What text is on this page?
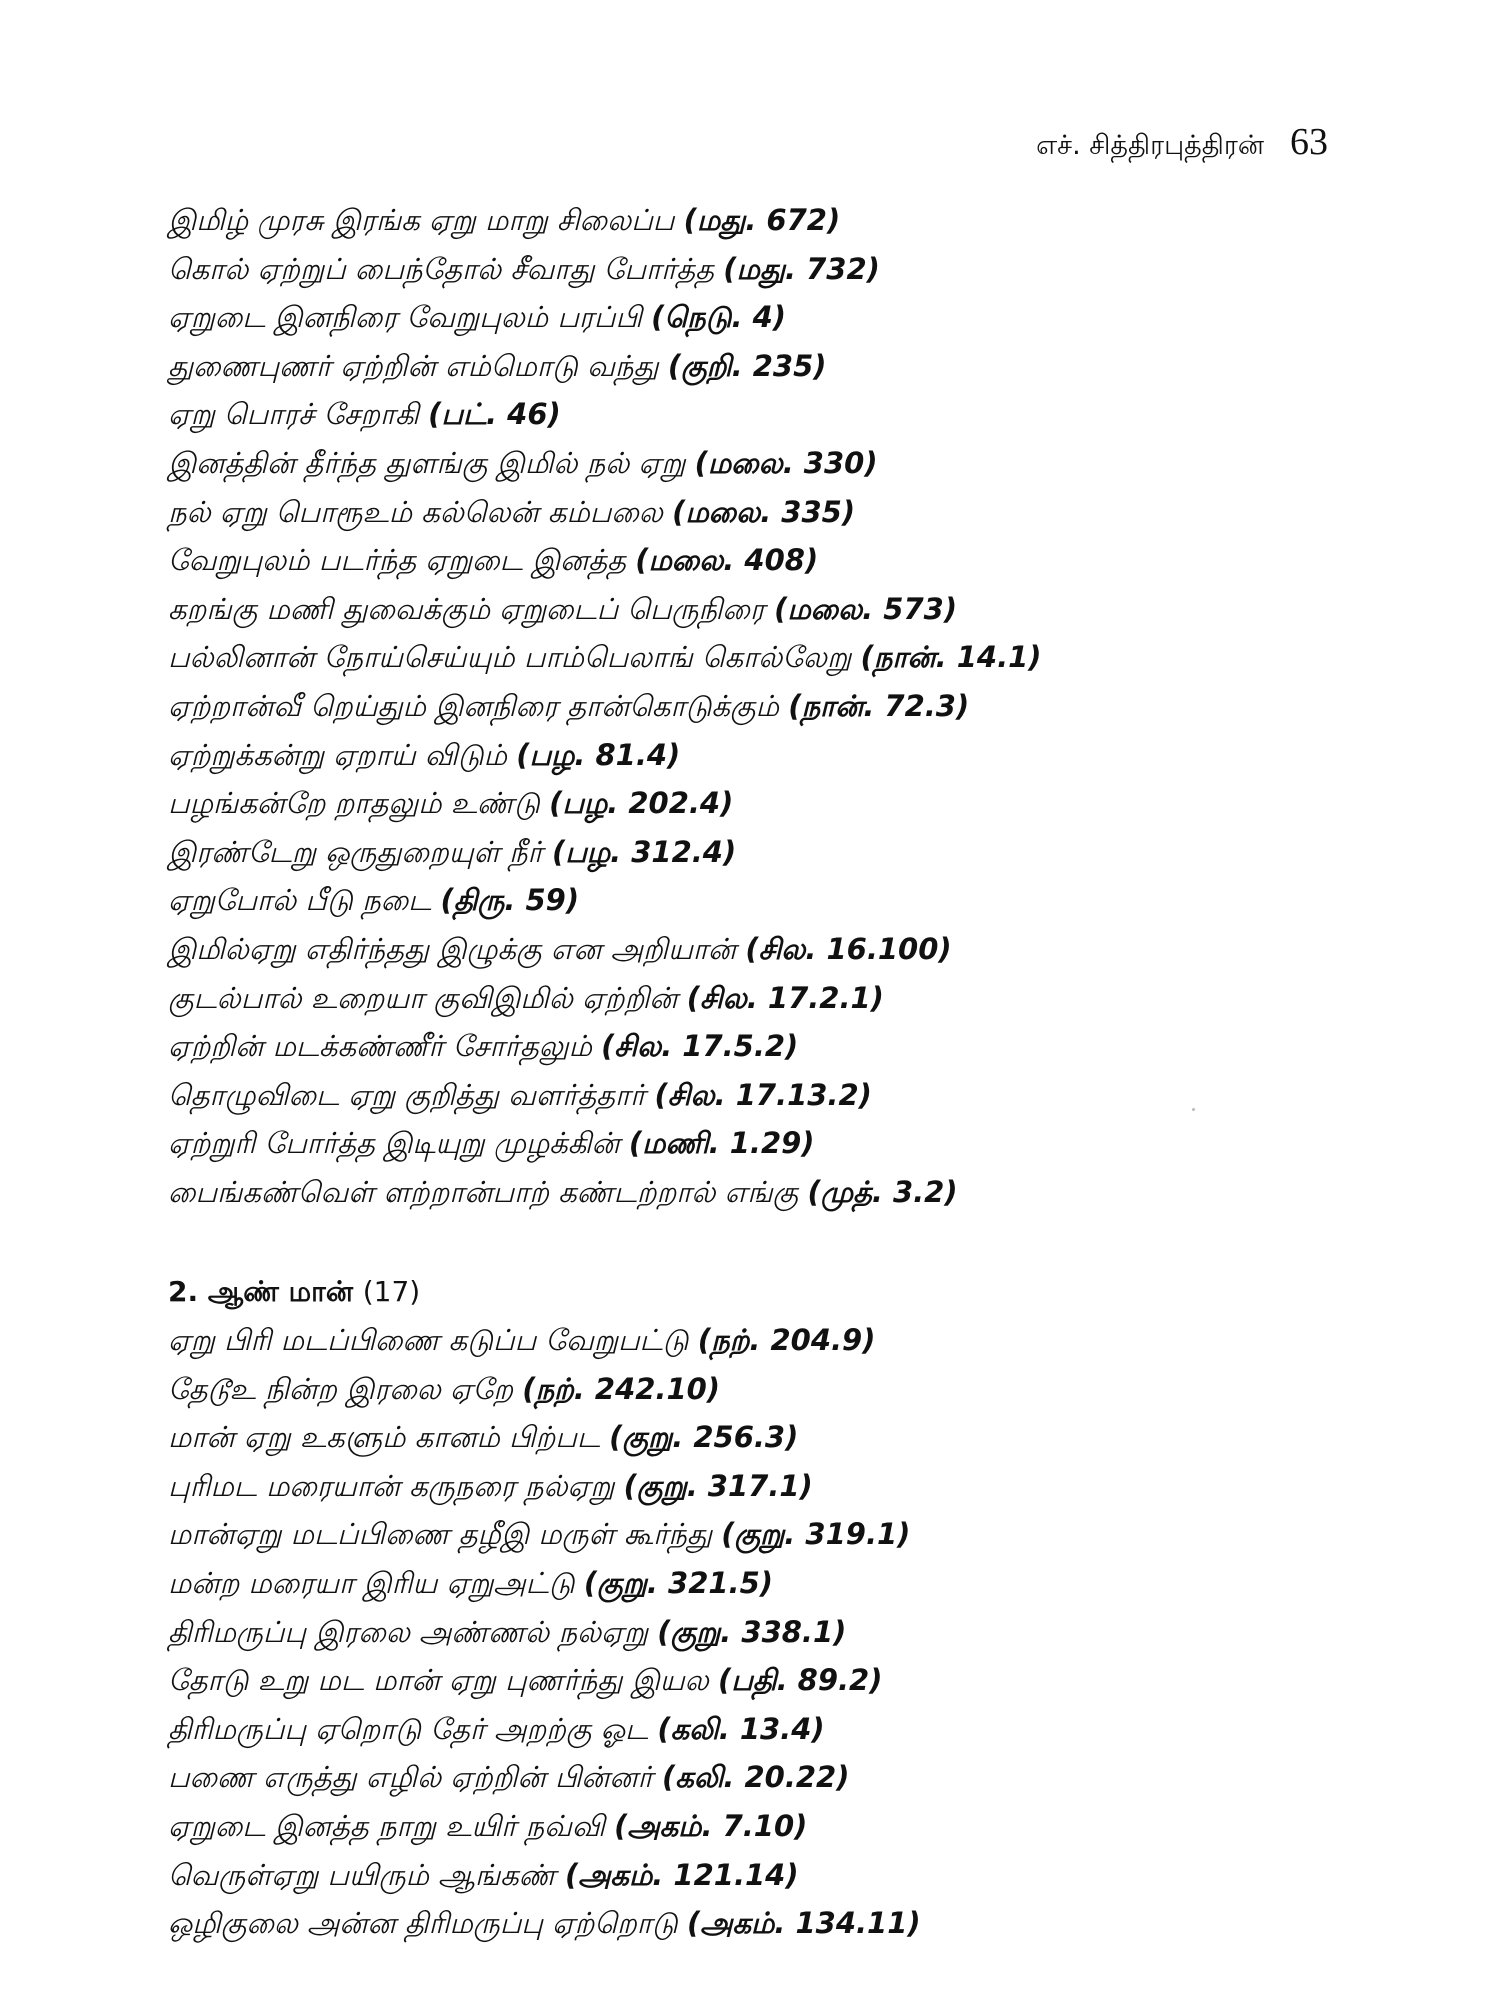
எச். சித்திரபுத்திரன் 63
இமிழ் முரசு இரங்க ஏறு மாறு சிலைப்ப (மது. 672)
கொல் ஏற்றுப் பைந்தோல் சீவாது போர்த்த (மது. 732)
ஏறுடை இனநிரை வேறுபுலம் பரப்பி (நெடு. 4)
துணைபுணர் ஏற்றின் எம்மொடு வந்து (குறி. 235)
ஏறு பொரச் சேறாகி (பட். 46)
இனத்தின் தீர்ந்த துளங்கு இமில் நல் ஏறு (மலை. 330)
நல் ஏறு பொரூஉம் கல்லென் கம்பலை (மலை. 335)
வேறுபுலம் படர்ந்த ஏறுடை இனத்த (மலை. 408)
கறங்கு மணி துவைக்கும் ஏறுடைப் பெருநிரை (மலை. 573)
பல்லினான் நோய்செய்யும் பாம்பெலாங் கொல்லேறு (நான். 14.1)
ஏற்றான்வீ றெய்தும் இனநிரை தான்கொடுக்கும் (நான். 72.3)
ஏற்றுக்கன்று ஏறாய் விடும் (பழ. 81.4)
பழங்கன்றே றாதலும் உண்டு (பழ. 202.4)
இரண்டேறு ஒருதுறையுள் நீர் (பழ. 312.4)
ஏறுபோல் பீடு நடை (திரு. 59)
இமில்ஏறு எதிர்ந்தது இழுக்கு என அறியான் (சில. 16.100)
குடல்பால் உறையா குவிஇமில் ஏற்றின் (சில. 17.2.1)
ஏற்றின் மடக்கண்ணீர் சோர்தலும் (சில. 17.5.2)
தொழுவிடை ஏறு குறித்து வளர்த்தார் (சில. 17.13.2)
ஏற்றுரி போர்த்த இடியுறு முழக்கின் (மணி. 1.29)
பைங்கண்வெள் ளற்றான்பாற் கண்டற்றால் எங்கு (முத். 3.2)
2. ஆண் மான் (17)
ஏறு பிரி மடப்பிணை கடுப்ப வேறுபட்டு (நற். 204.9)
தேடூஉ நின்ற இரலை ஏறே (நற். 242.10)
மான் ஏறு உகளும் கானம் பிற்பட (குறு. 256.3)
புரிமட மரையான் கருநரை நல்ஏறு (குறு. 317.1)
மான்ஏறு மடப்பிணை தழீஇ மருள் கூர்ந்து (குறு. 319.1)
மன்ற மரையா இரிய ஏறுஅட்டு (குறு. 321.5)
திரிமருப்பு இரலை அண்ணல் நல்ஏறு (குறு. 338.1)
தோடு உறு மட மான் ஏறு புணர்ந்து இயல (பதி. 89.2)
திரிமருப்பு ஏறொடு தேர் அறற்கு ஓட (கலி. 13.4)
பணை எருத்து எழில் ஏற்றின் பின்னர் (கலி. 20.22)
ஏறுடை இனத்த நாறு உயிர் நவ்வி (அகம். 7.10)
வெருள்ஏறு பயிரும் ஆங்கண் (அகம். 121.14)
ஒழிகுலை அன்ன திரிமருப்பு ஏற்றொடு (அகம். 134.11)
